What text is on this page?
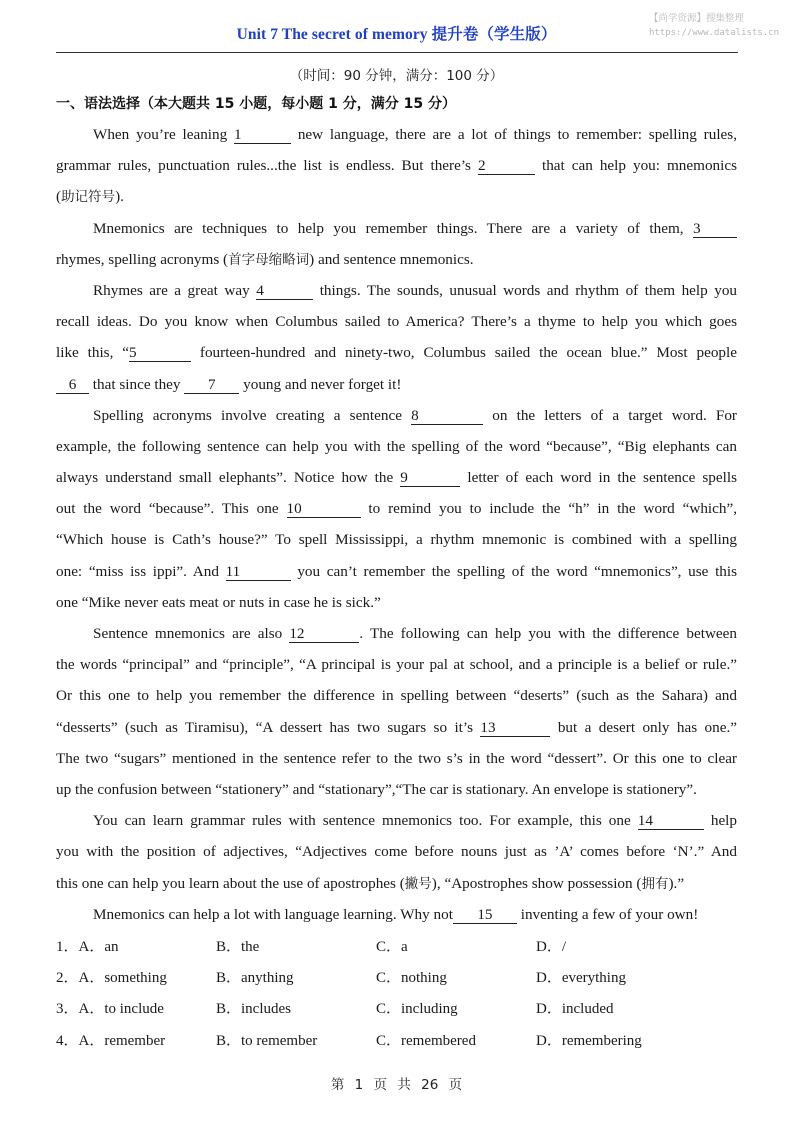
Unit 7 The secret of memory 提升卷（学生版）
【尚学资源】搜集整理
https://www.datalists.cn
（时间：90 分钟，满分：100 分）
一、语法选择（本大题共 15 小题，每小题 1 分，满分 15 分）
When you’re leaning 1	new language, there are a lot of things to remember: spelling rules,
grammar rules, punctuation rules...the list is endless. But there’s 2	that can help you: mnemonics
(助记符号).
Mnemonics are techniques to help you remember things. There are a variety of them, 3
rhymes, spelling acronyms (首字母缩略词) and sentence mnemonics.
Rhymes are a great way 4	things. The sounds, unusual words and rhythm of them help you
recall ideas. Do you know when Columbus sailed to America? There’s a thyme to help you which goes
like this, “5	fourteen-hundred and ninety-two, Columbus sailed the ocean blue.” Most people
6 that since they 7 young and never forget it!
Spelling acronyms involve creating a sentence 8	on the letters of a target word. For
example, the following sentence can help you with the spelling of the word “because”, “Big elephants can
always understand small elephants”. Notice how the 9	letter of each word in the sentence spells
out the word “because”. This one 10	to remind you to include the “h” in the word “which”,
“Which house is Cath’s house?” To spell Mississippi, a rhythm mnemonic is combined with a spelling
one: “miss iss ippi”. And 11	you can’t remember the spelling of the word “mnemonics”, use this
one “Mike never eats meat or nuts in case he is sick.”
Sentence mnemonics are also 12	. The following can help you with the difference between
the words “principal” and “principle”, “A principal is your pal at school, and a principle is a belief or rule.”
Or this one to help you remember the difference in spelling between “deserts” (such as the Sahara) and
“desserts” (such as Tiramisu), “A dessert has two sugars so it’s 13	but a desert only has one.”
The two “sugars” mentioned in the sentence refer to the two s’s in the word “dessert”. Or this one to clear
up the confusion between “stationery” and “stationary”,“The car is stationary. An envelope is stationery”.
You can learn grammar rules with sentence mnemonics too. For example, this one 14	help
you with the position of adjectives, “Adjectives come before nouns just as ’A’ comes before ‘N’.” And
this one can help you learn about the use of apostrophes (撇号), “Apostrophes show possession (拥有).”
Mnemonics can help a lot with language learning. Why not 15 inventing a few of your own!
1．A．an	B．the	C．a	D．/
2．A．something	B．anything	C．nothing	D．everything
3．A．to include	B．includes	C．including	D．included
4．A．remember	B．to remember	C．remembered	D．remembering
第 1 页 共 26 页
